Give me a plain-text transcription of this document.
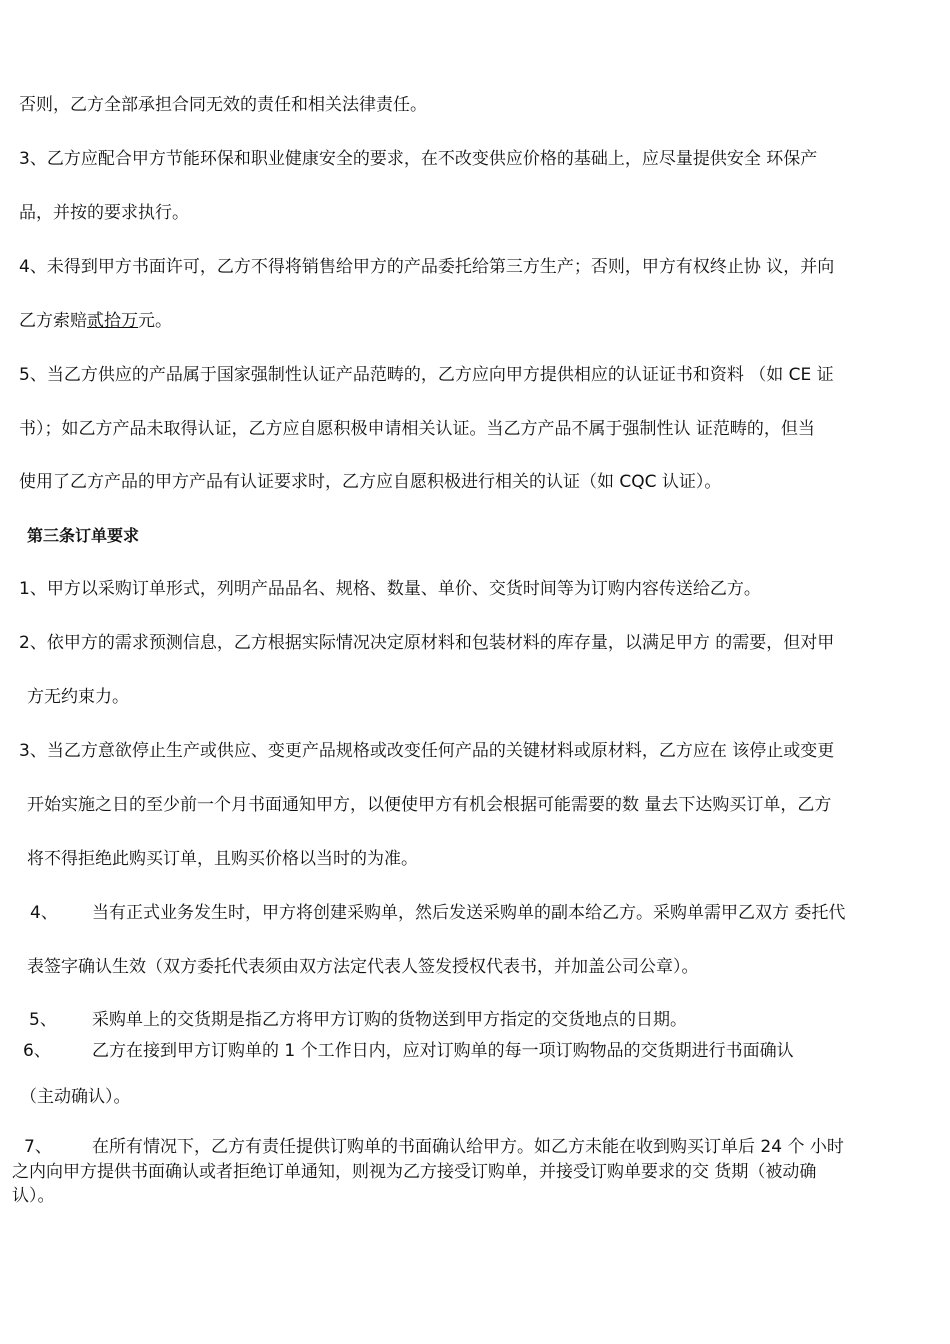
否则，乙方全部承担合同无效的责任和相关法律责任。
3、乙方应配合甲方节能环保和职业健康安全的要求，在不改变供应价格的基础上，应尽量提供安全 环保产
品，并按的要求执行。
4、未得到甲方书面许可，乙方不得将销售给甲方的产品委托给第三方生产；否则，甲方有权终止协 议，并向
乙方索赔贰拾万元。
5、当乙方供应的产品属于国家强制性认证产品范畴的，乙方应向甲方提供相应的认证证书和资料 （如 CE 证
书）；如乙方产品未取得认证，乙方应自愿积极申请相关认证。当乙方产品不属于强制性认 证范畴的，但当
使用了乙方产品的甲方产品有认证要求时，乙方应自愿积极进行相关的认证（如 CQC 认证）。
第三条订单要求
1、甲方以采购订单形式，列明产品品名、规格、数量、单价、交货时间等为订购内容传送给乙方。
2、依甲方的需求预测信息，乙方根据实际情况决定原材料和包装材料的库存量，以满足甲方 的需要，但对甲
方无约束力。
3、当乙方意欲停止生产或供应、变更产品规格或改变任何产品的关键材料或原材料，乙方应在 该停止或变更
开始实施之日的至少前一个月书面通知甲方，以便使甲方有机会根据可能需要的数 量去下达购买订单，乙方
将不得拒绝此购买订单，且购买价格以当时的为准。
4、 当有正式业务发生时，甲方将创建采购单，然后发送采购单的副本给乙方。采购单需甲乙双方 委托代
表签字确认生效（双方委托代表须由双方法定代表人签发授权代表书，并加盖公司公章）。
5、 采购单上的交货期是指乙方将甲方订购的货物送到甲方指定的交货地点的日期。
6、 乙方在接到甲方订购单的 1 个工作日内，应对订购单的每一项订购物品的交货期进行书面确认
（主动确认）。
7、 在所有情况下，乙方有责任提供订购单的书面确认给甲方。如乙方未能在收到购买订单后 24 个 小时
之内向甲方提供书面确认或者拒绝订单通知，则视为乙方接受订购单，并接受订购单要求的交 货期（被动确
认）。
